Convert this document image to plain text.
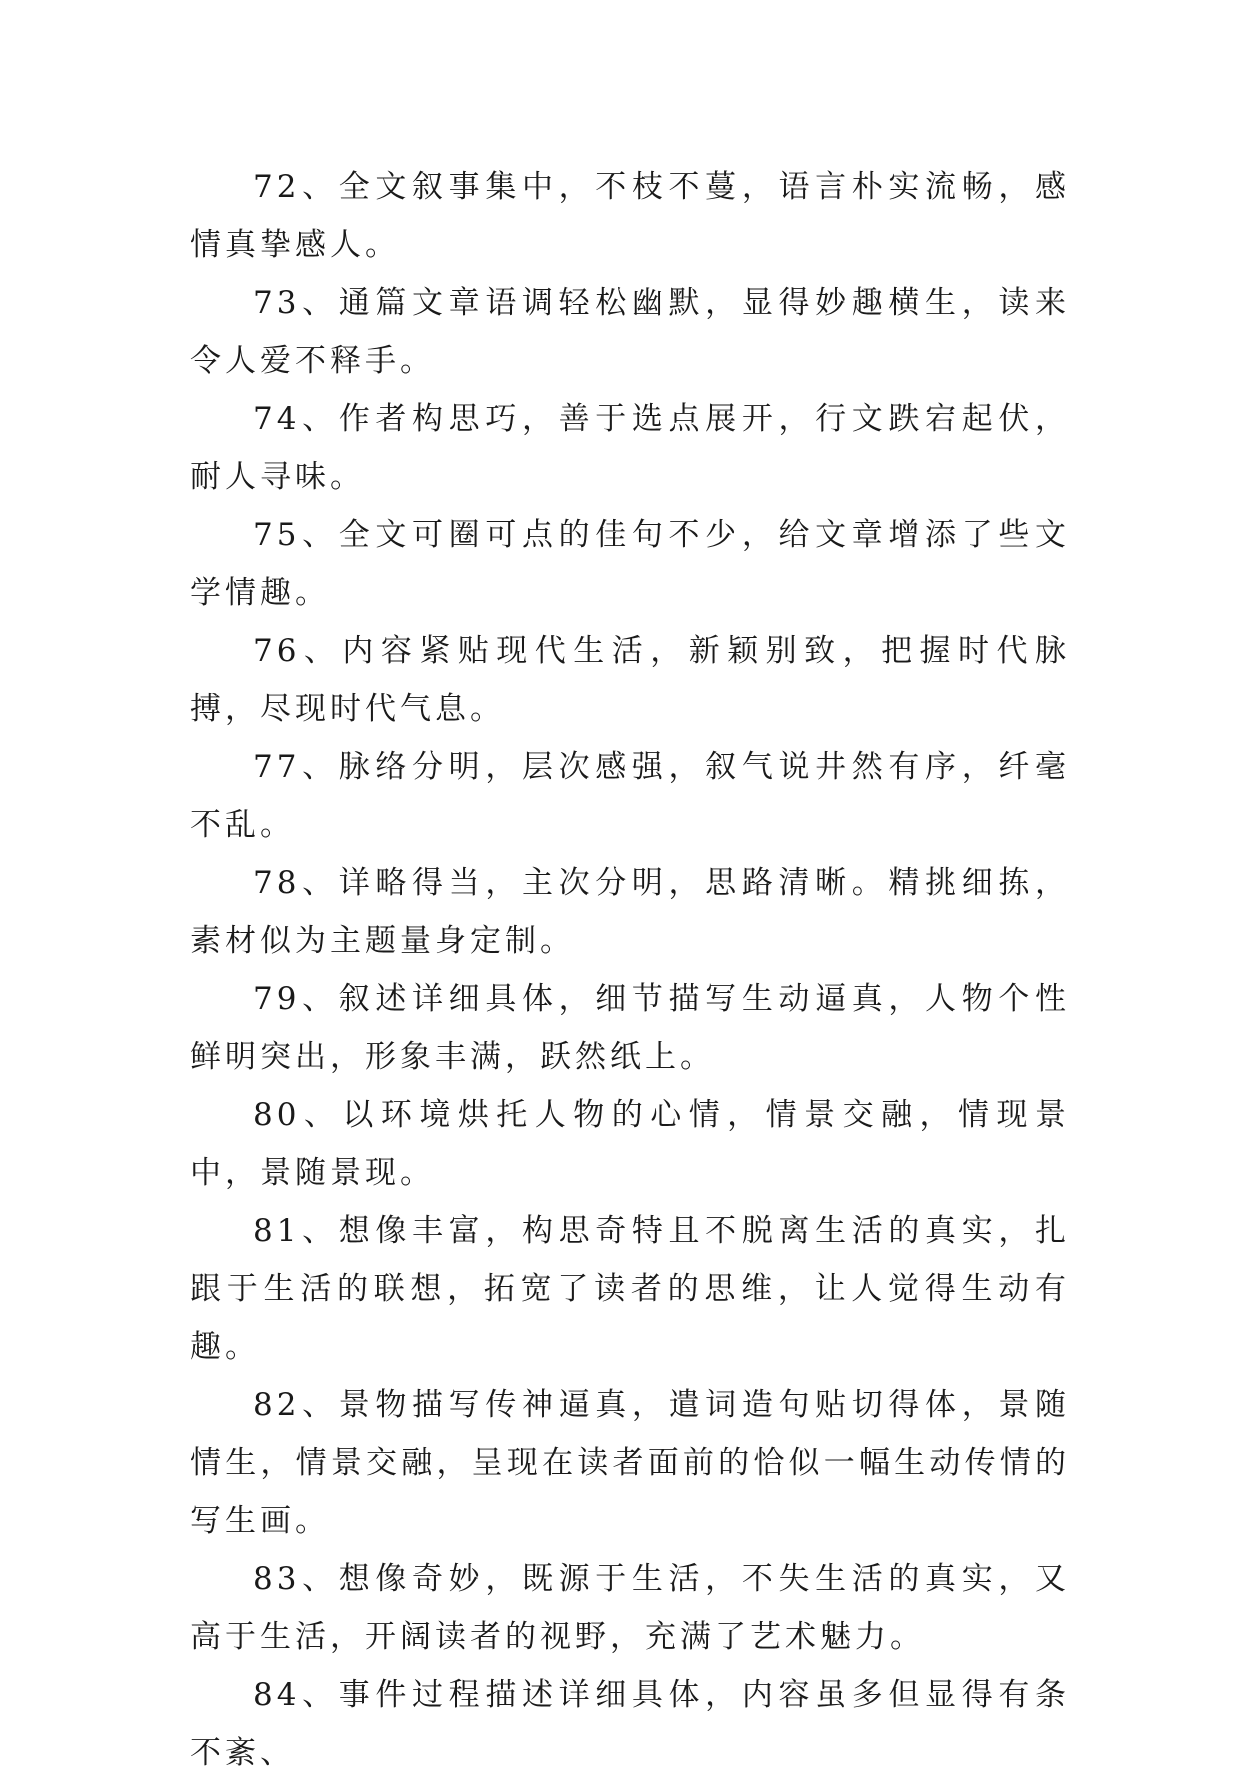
72、全文叙事集中，不枝不蔓，语言朴实流畅，感情真挚感人。

73、通篇文章语调轻松幽默，显得妙趣横生，读来令人爱不释手。

74、作者构思巧，善于选点展开，行文跌宕起伏，耐人寻味。

75、全文可圈可点的佳句不少，给文章增添了些文学情趣。

76、内容紧贴现代生活，新颖别致，把握时代脉搏，尽现时代气息。

77、脉络分明，层次感强，叙气说井然有序，纤毫不乱。

78、详略得当，主次分明，思路清晰。精挑细拣，素材似为主题量身定制。

79、叙述详细具体，细节描写生动逼真，人物个性鲜明突出，形象丰满，跃然纸上。

80、以环境烘托人物的心情，情景交融，情现景中，景随景现。

81、想像丰富，构思奇特且不脱离生活的真实，扎跟于生活的联想，拓宽了读者的思维，让人觉得生动有趣。

82、景物描写传神逼真，遣词造句贴切得体，景随情生，情景交融，呈现在读者面前的恰似一幅生动传情的写生画。

83、想像奇妙，既源于生活，不失生活的真实，又高于生活，开阔读者的视野，充满了艺术魅力。

84、事件过程描述详细具体，内容虽多但显得有条不紊、
